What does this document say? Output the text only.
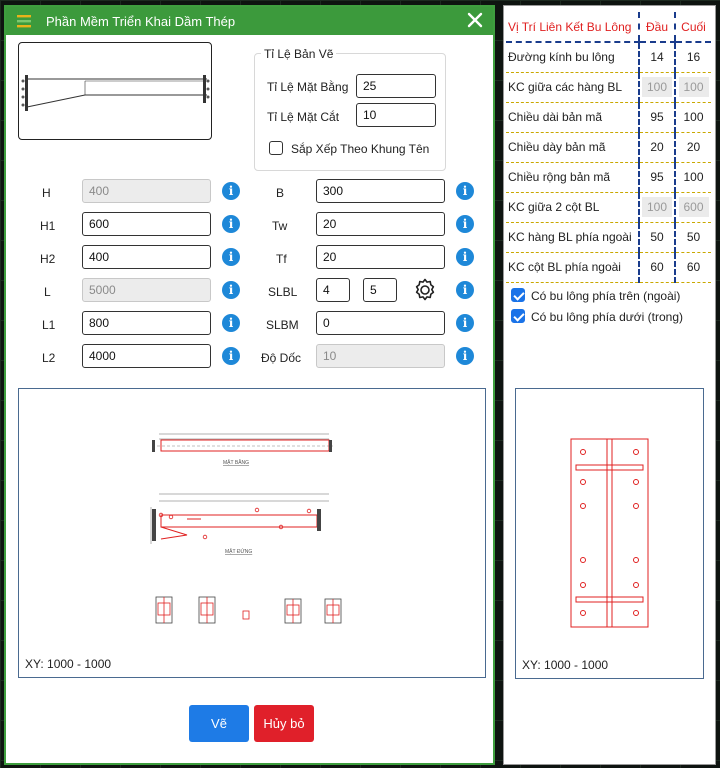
Phần Mềm Triển Khai Dầm Thép
Tỉ Lệ Bản Vẽ
Tỉ Lệ Mặt Bằng
25
Tỉ Lệ Mặt Cắt
10
Sắp Xếp Theo Khung Tên
H
400	i
H1
600	i
H2
400	i
L
5000	i
L1
800	i
L2
4000	i
B
300	i
Tw
20	i
Tf
20	i
SLBL
4
5	i
SLBM
0	i
Độ Dốc
10	i
MẶT BẰNG
MẶT ĐỨNG
XY: 1000 - 1000
Vẽ	Hủy bỏ
Vị Trí Liên Kết Bu Lông	Đầu	Cuối
Đường kính bu lông	14	16
KC giữa các hàng BL	100	100
Chiều dài bản mã	95	100
Chiều dày bản mã	20	20
Chiều rộng bản mã	95	100
KC giữa 2 cột BL	100	600
KC hàng BL phía ngoài	50	50
KC cột BL phía ngoài	60	60
Có bu lông phía trên (ngoài)
Có bu lông phía dưới (trong)
XY: 1000 - 1000
